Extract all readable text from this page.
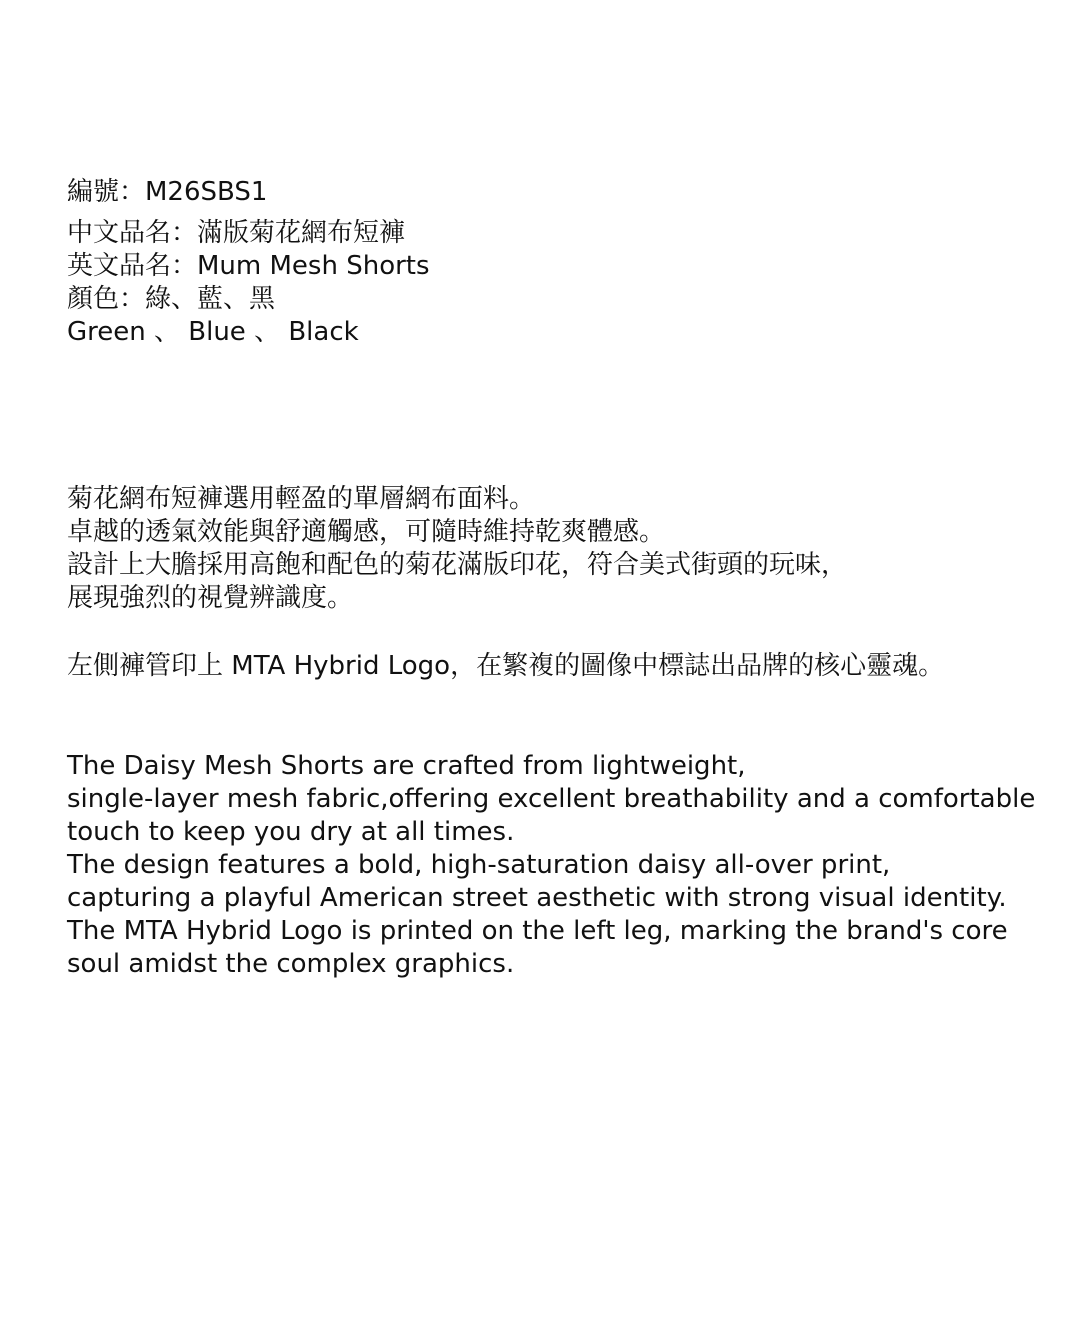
編號：M26SBS1
中文品名：滿版菊花網布短褲
英文品名：Mum Mesh Shorts
顏色：綠、藍、黑
Green 、 Blue 、 Black
菊花網布短褲選用輕盈的單層網布面料。
卓越的透氣效能與舒適觸感，可隨時維持乾爽體感。
設計上大膽採用高飽和配色的菊花滿版印花，符合美式街頭的玩味，
展現強烈的視覺辨識度。
左側褲管印上 MTA Hybrid Logo，在繁複的圖像中標誌出品牌的核心靈魂。
The Daisy Mesh Shorts are crafted from lightweight,
single-layer mesh fabric,offering excellent breathability and a comfortable
touch to keep you dry at all times.
The design features a bold, high-saturation daisy all-over print,
capturing a playful American street aesthetic with strong visual identity.
The MTA Hybrid Logo is printed on the left leg, marking the brand's core
soul amidst the complex graphics.
